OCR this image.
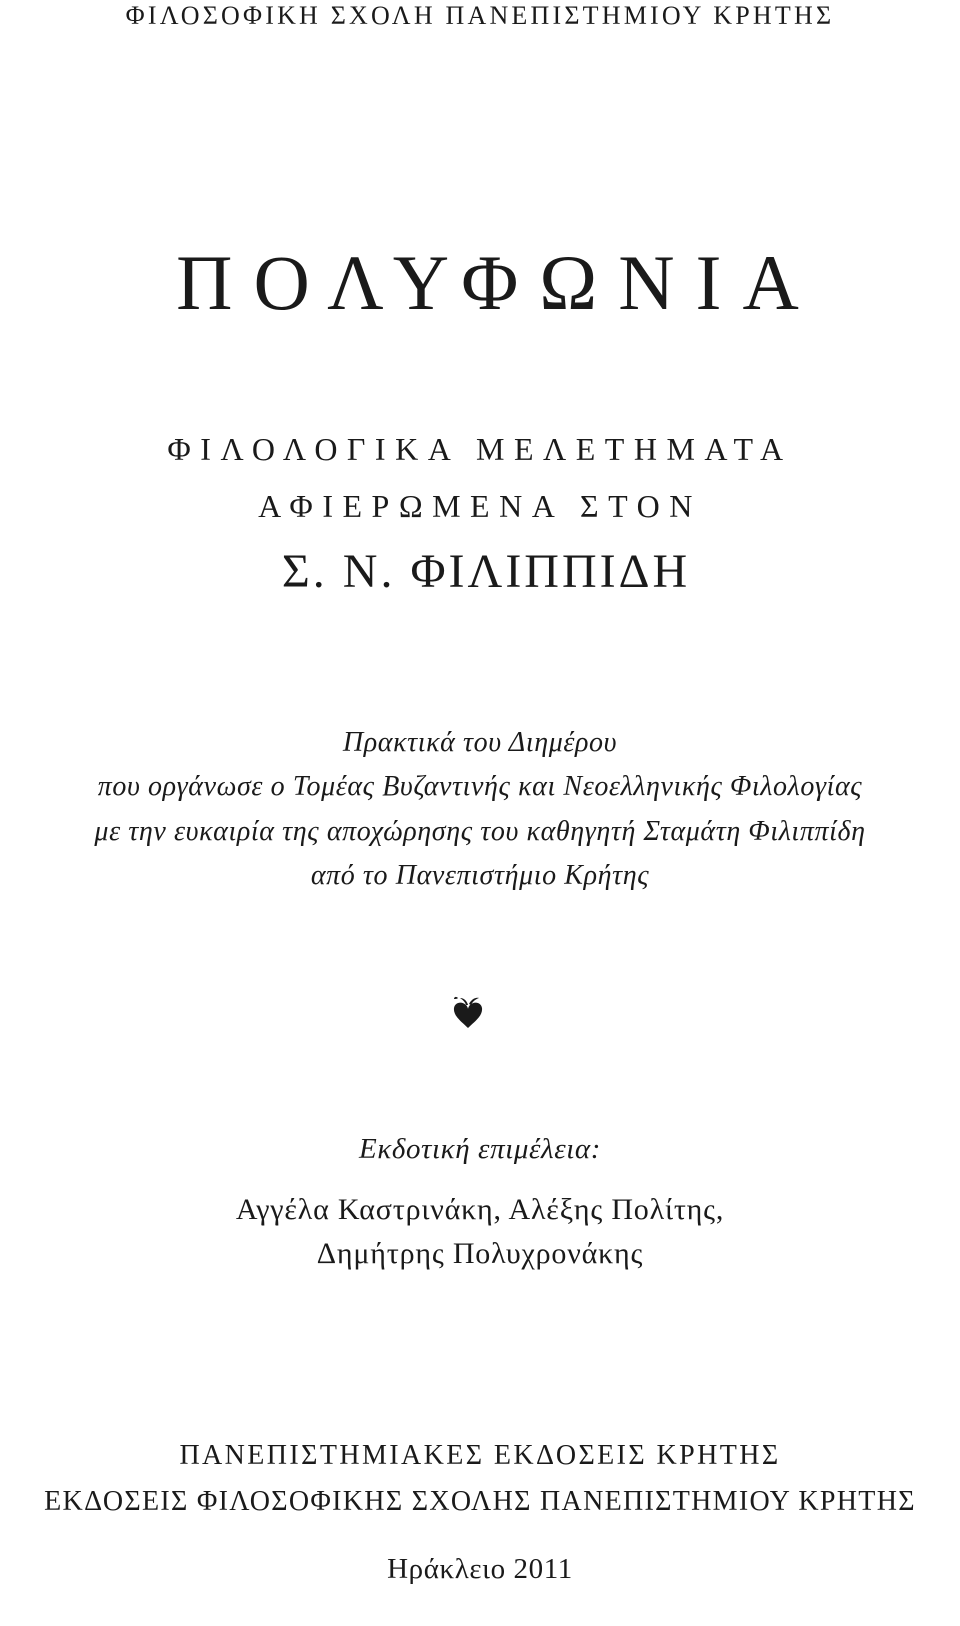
ΦΙΛΟΣΟΦΙΚΗ ΣΧΟΛΗ ΠΑΝΕΠΙΣΤΗΜΙΟΥ ΚΡΗΤΗΣ
ΠΟΛΥΦΩΝΙΑ
ΦΙΛΟΛΟΓΙΚΑ ΜΕΛΕΤΗΜΑΤΑ
ΑΦΙΕΡΩΜΕΝΑ ΣΤΟΝ
Σ. Ν. ΦΙΛΙΠΠΙΔΗ
Πρακτικά του Διημέρου
που οργάνωσε ο Τομέας Βυζαντινής και Νεοελληνικής Φιλολογίας
με την ευκαιρία της αποχώρησης του καθηγητή Σταμάτη Φιλιππίδη
από το Πανεπιστήμιο Κρήτης
Εκδοτική επιμέλεια:
Αγγέλα Καστρινάκη, Αλέξης Πολίτης,
Δημήτρης Πολυχρονάκης
ΠΑΝΕΠΙΣΤΗΜΙΑΚΕΣ ΕΚΔΟΣΕΙΣ ΚΡΗΤΗΣ
ΕΚΔΟΣΕΙΣ ΦΙΛΟΣΟΦΙΚΗΣ ΣΧΟΛΗΣ ΠΑΝΕΠΙΣΤΗΜΙΟΥ ΚΡΗΤΗΣ
Ηράκλειο 2011
